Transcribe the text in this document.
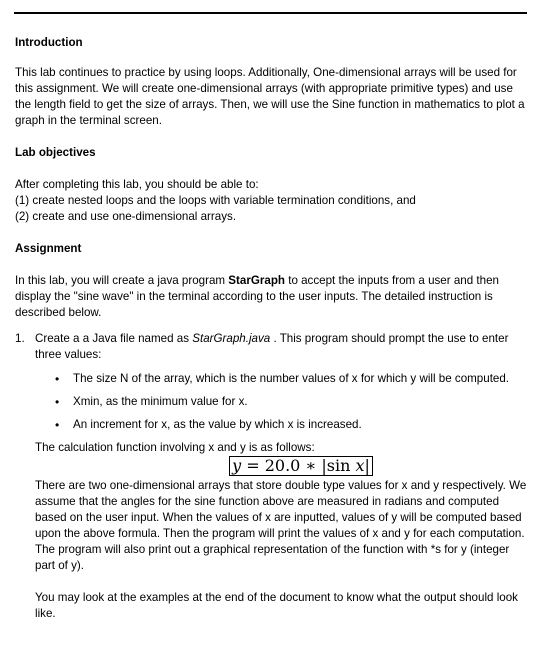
Introduction

This lab continues to practice by using loops. Additionally, One-dimensional arrays will be used for this assignment. We will create one-dimensional arrays (with appropriate primitive types) and use the length field to get the size of arrays. Then, we will use the Sine function in mathematics to plot a graph in the terminal screen.

Lab objectives

After completing this lab, you should be able to:

(1) create nested loops and the loops with variable termination conditions, and

(2) create and use one-dimensional arrays.

Assignment

In this lab, you will create a java program StarGraph to accept the inputs from a user and then display the "sine wave" in the terminal according to the user inputs. The detailed instruction is described below.

1. Create a a Java file named as StarGraph.java . This program should prompt the use to enter three values:

• The size N of the array, which is the number values of x for which y will be computed.
• Xmin, as the minimum value for x.
• An increment for x, as the value by which x is increased.

The calculation function involving x and y is as follows:

y = 20.0 ∗ |sin x|

There are two one-dimensional arrays that store double type values for x and y respectively. We assume that the angles for the sine function above are measured in radians and computed based on the user input. When the values of x are inputted, values of y will be computed based upon the above formula. Then the program will print the values of x and y for each computation. The program will also print out a graphical representation of the function with *s for y (integer part of y).

You may look at the examples at the end of the document to know what the output should look like.
